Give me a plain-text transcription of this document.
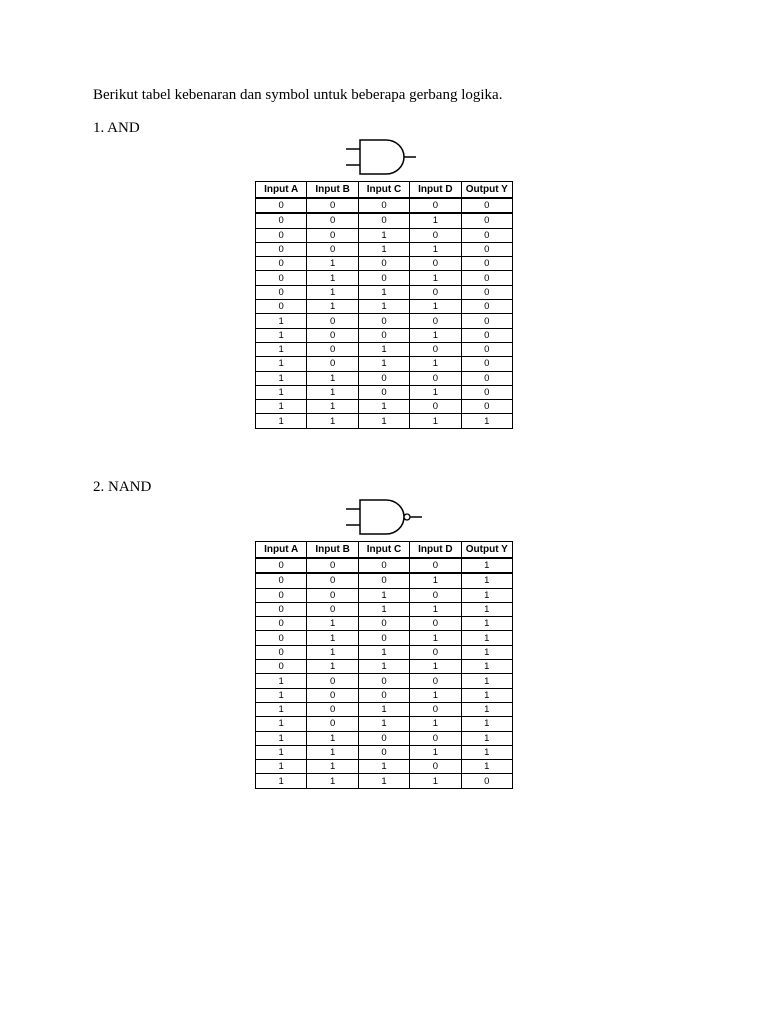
Berikut tabel kebenaran dan symbol untuk beberapa gerbang logika.
1. AND
Input A	Input B	Input C	Input D	Output Y
0	0	0	0	0
0	0	0	1	0
0	0	1	0	0
0	0	1	1	0
0	1	0	0	0
0	1	0	1	0
0	1	1	0	0
0	1	1	1	0
1	0	0	0	0
1	0	0	1	0
1	0	1	0	0
1	0	1	1	0
1	1	0	0	0
1	1	0	1	0
1	1	1	0	0
1	1	1	1	1
2. NAND
Input A	Input B	Input C	Input D	Output Y
0	0	0	0	1
0	0	0	1	1
0	0	1	0	1
0	0	1	1	1
0	1	0	0	1
0	1	0	1	1
0	1	1	0	1
0	1	1	1	1
1	0	0	0	1
1	0	0	1	1
1	0	1	0	1
1	0	1	1	1
1	1	0	0	1
1	1	0	1	1
1	1	1	0	1
1	1	1	1	0
